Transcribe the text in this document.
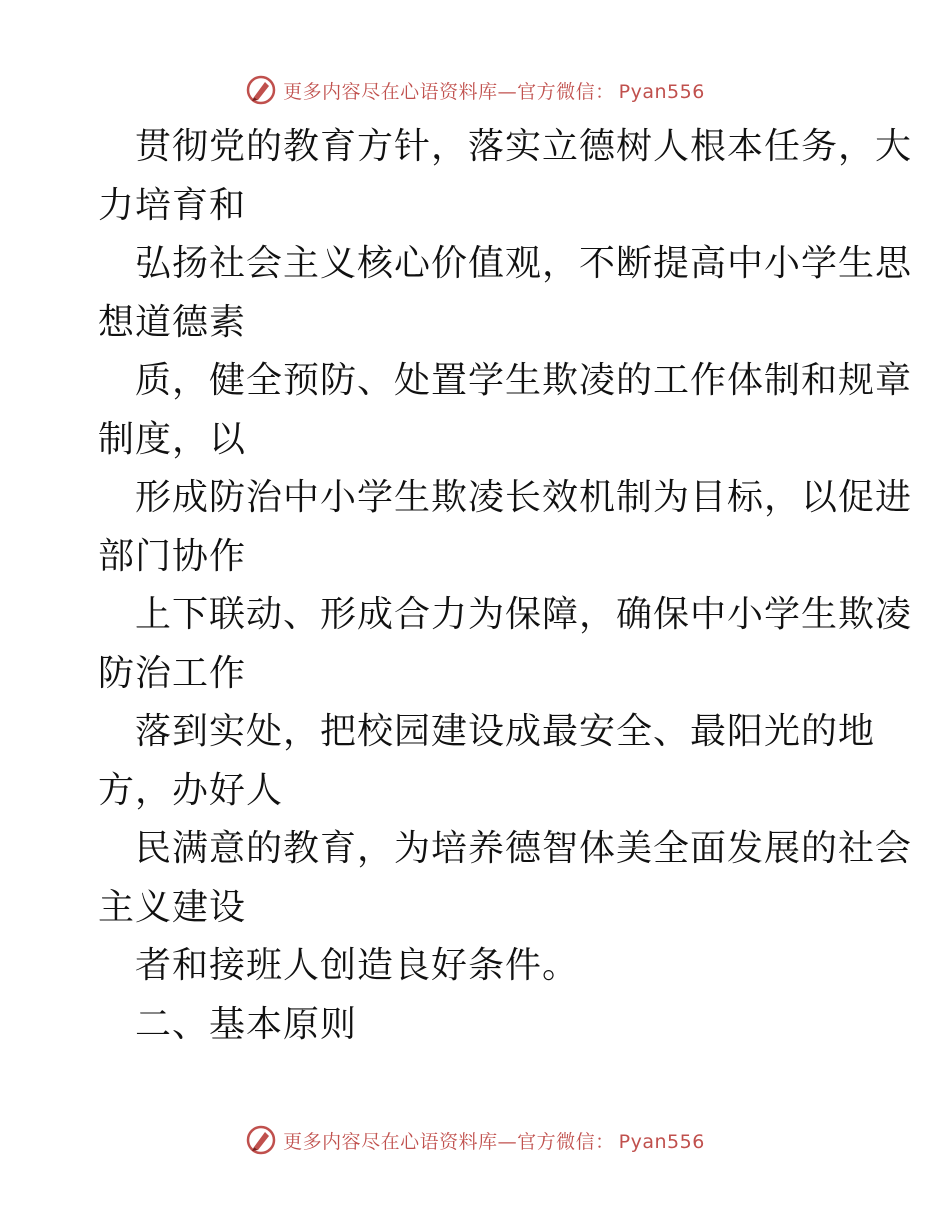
更多内容尽在心语资料库—官方微信： Pyan556
贯彻党的教育方针，落实立德树人根本任务，大
力培育和
弘扬社会主义核心价值观，不断提高中小学生思
想道德素
质，健全预防、处置学生欺凌的工作体制和规章
制度，以
形成防治中小学生欺凌长效机制为目标，以促进
部门协作
上下联动、形成合力为保障，确保中小学生欺凌
防治工作
落到实处，把校园建设成最安全、最阳光的地
方，办好人
民满意的教育，为培养德智体美全面发展的社会
主义建设
者和接班人创造良好条件。
二、基本原则
更多内容尽在心语资料库—官方微信： Pyan556
